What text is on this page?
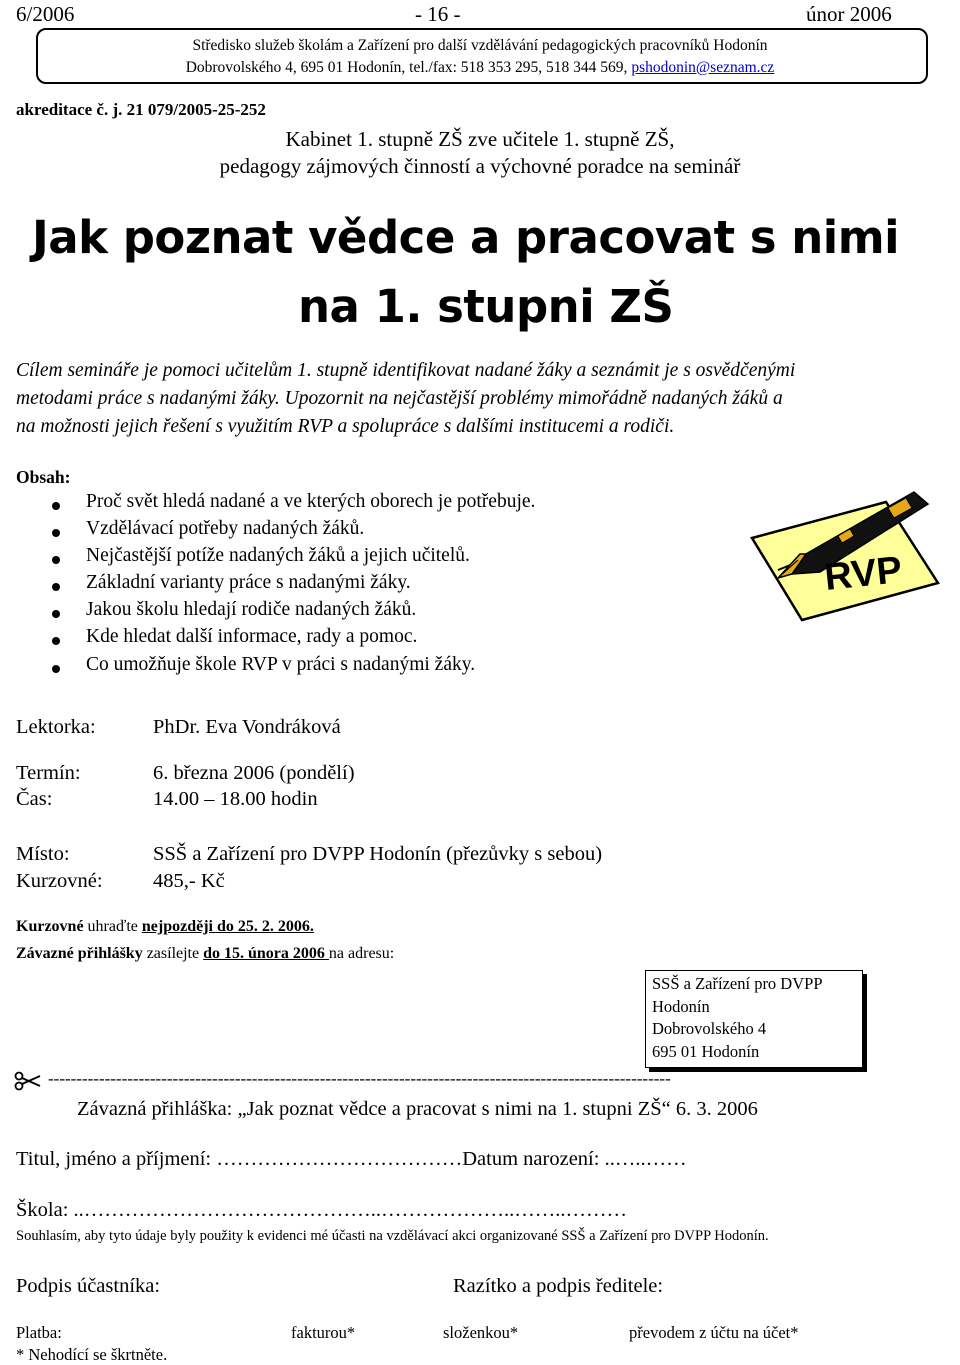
6/2006	- 16 -	únor 2006
Středisko služeb školám a Zařízení pro další vzdělávání pedagogických pracovníků Hodonín
Dobrovolského 4, 695 01 Hodonín, tel./fax: 518 353 295, 518 344 569, pshodonin@seznam.cz
akreditace č. j. 21 079/2005-25-252
Kabinet 1. stupně ZŠ zve učitele 1. stupně ZŠ,
pedagogy zájmových činností a výchovné poradce na seminář
Jak poznat vědce a pracovat s nimi
na 1. stupni ZŠ
Cílem semináře je pomoci učitelům 1. stupně identifikovat nadané žáky a seznámit je s osvědčenými
metodami práce s nadanými žáky. Upozornit na nejčastější problémy mimořádně nadaných žáků a
na možnosti jejich řešení s využitím RVP a spolupráce s dalšími institucemi a rodiči.
Obsah:
Proč svět hledá nadané a ve kterých oborech je potřebuje.
Vzdělávací potřeby nadaných žáků.
Nejčastější potíže nadaných žáků a jejich učitelů.
Základní varianty práce s nadanými žáky.
Jakou školu hledají rodiče nadaných žáků.
Kde hledat další informace, rady a pomoc.
Co umožňuje škole RVP v práci s nadanými žáky.
RVP
Lektorka:	PhDr. Eva Vondráková
Termín:	6. března 2006 (pondělí)
Čas:	14.00 – 18.00 hodin
Místo:	SSŠ a Zařízení pro DVPP Hodonín (přezůvky s sebou)
Kurzovné: 485,- Kč
Kurzovné uhraďte nejpozději do 25. 2. 2006.
Závazné přihlášky zasílejte do 15. února 2006 na adresu:
SSŠ a Zařízení pro DVPP
Hodonín
Dobrovolského 4
695 01 Hodonín
--------------------------------------------------------------------------------------------------------------
Závazná přihláška: „Jak poznat vědce a pracovat s nimi na 1. stupni ZŠ“ 6. 3. 2006
Titul, jméno a příjmení: ………………………………Datum narození: ..…..……
Škola: ..……………………………………..………………..……..………
Souhlasím, aby tyto údaje byly použity k evidenci mé účasti na vzdělávací akci organizované SSŠ a Zařízení pro DVPP Hodonín.
Podpis účastníka:	Razítko a podpis ředitele:
Platba:	fakturou*	složenkou*	převodem z účtu na účet*
* Nehodící se škrtněte.
